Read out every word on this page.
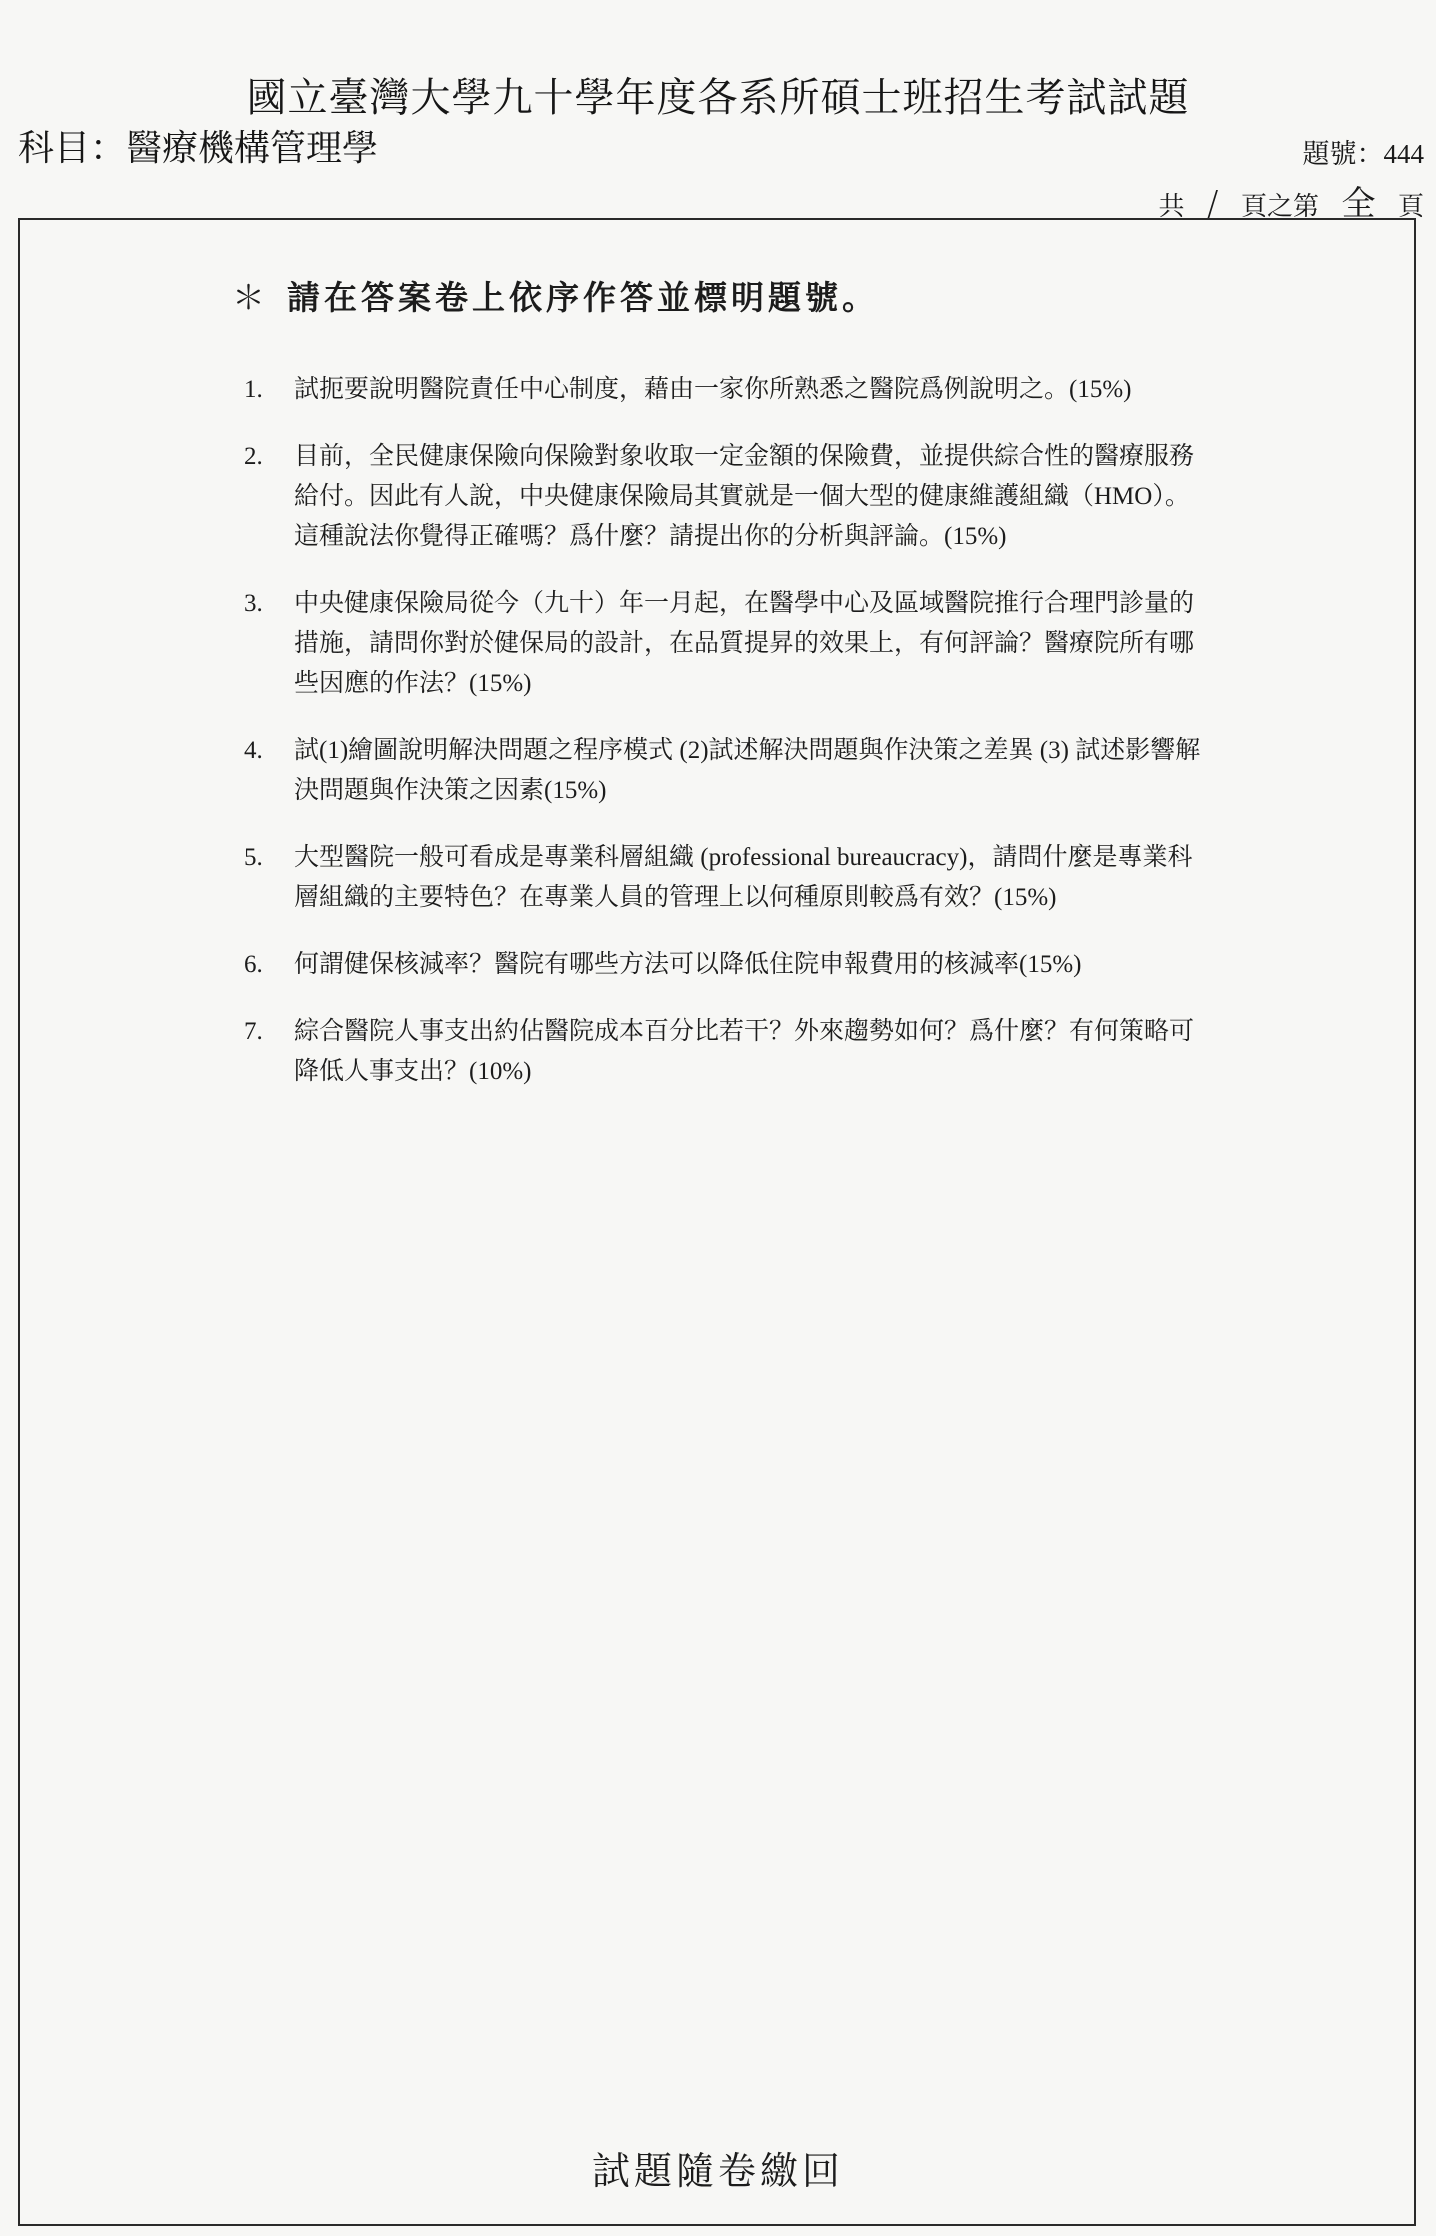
國立臺灣大學九十學年度各系所碩士班招生考試試題
科目：醫療機構管理學	題號：444
共 / 頁之第 全 頁
＊ 請在答案卷上依序作答並標明題號。
1.	試扼要說明醫院責任中心制度，藉由一家你所熟悉之醫院爲例說明之。(15%)
2.	目前，全民健康保險向保險對象收取一定金額的保險費，並提供綜合性的醫療服務給付。因此有人說，中央健康保險局其實就是一個大型的健康維護組織（HMO）。這種說法你覺得正確嗎？爲什麼？請提出你的分析與評論。(15%)
3.	中央健康保險局從今（九十）年一月起，在醫學中心及區域醫院推行合理門診量的措施，請問你對於健保局的設計，在品質提昇的效果上，有何評論？醫療院所有哪些因應的作法？(15%)
4.	試(1)繪圖說明解決問題之程序模式 (2)試述解決問題與作決策之差異 (3) 試述影響解決問題與作決策之因素(15%)
5.	大型醫院一般可看成是專業科層組織 (professional bureaucracy)，請問什麼是專業科層組織的主要特色？在專業人員的管理上以何種原則較爲有效？(15%)
6.	何謂健保核減率？醫院有哪些方法可以降低住院申報費用的核減率(15%)
7.	綜合醫院人事支出約佔醫院成本百分比若干？外來趨勢如何？爲什麼？有何策略可降低人事支出？(10%)
試題隨卷繳回
